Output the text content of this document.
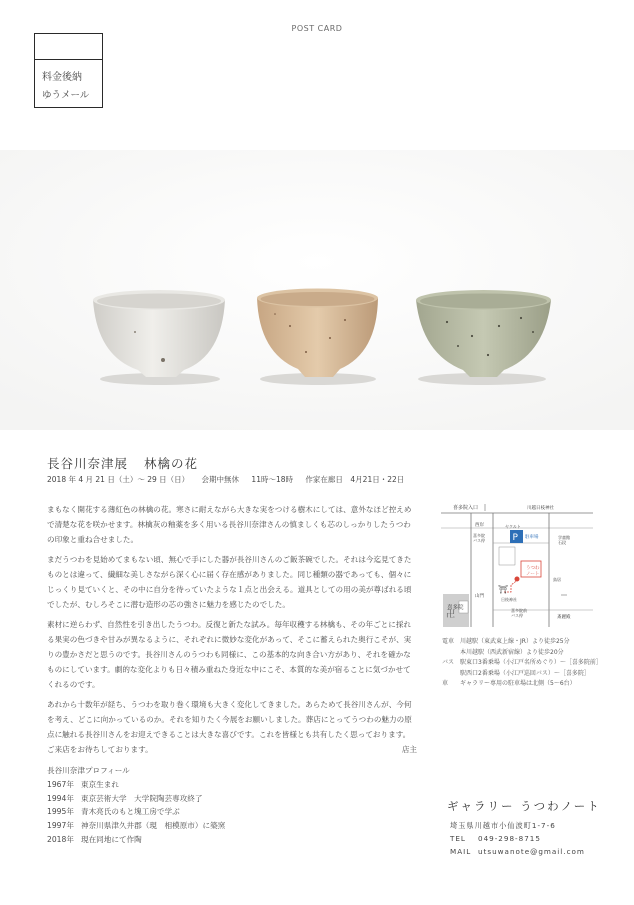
POST CARD
料金後納
ゆうメール
長谷川奈津展 林檎の花
2018 年 4 月 21 日（土）〜 29 日（日） 会期中無休 11時〜18時 作家在廊日　4月21日・22日

まもなく開花する薄紅色の林檎の花。寒さに耐えながら大きな実をつける樹木にしては、意外なほど控えめで清楚な花を咲かせます。林檎灰の釉薬を多く用いる長谷川奈津さんの慎ましくも芯のしっかりしたうつわの印象と重ね合せました。

まだうつわを見始めてまもない頃、無心で手にした器が長谷川さんのご飯茶碗でした。それは今迄見てきたものとは違って、繊細な美しさながら深く心に届く存在感がありました。同じ種類の器であっても、個々にじっくり見ていくと、その中に自分を待っていたような１点と出会える。道具としての用の美が尊ばれる頃でしたが、むしろそこに潜む造形の芯の強さに魅力を感じたのでした。

素材に逆らわず、自然性を引き出したうつわ。反復と新たな試み。毎年収穫する林檎も、その年ごとに採れる果実の色づきや甘みが異なるように、それぞれに微妙な変化があって、そこに蓄えられた奥行こそが、実りの豊かさだと思うのです。長谷川さんのうつわも同様に、この基本的な向き合い方があり、それを確かなものにしています。劇的な変化よりも日々積み重ねた身近な中にこそ、本質的な美が宿ることに気づかせてくれるのです。

あれから十数年が経ち、うつわを取り巻く環境も大きく変化してきました。あらためて長谷川さんが、今何を考え、どこに向かっているのか。それを知りたく今展をお願いしました。葬店にとってうつわの魅力の原点に触れる長谷川さんをお迎えできることは大きな喜びです。これを皆様とも共有したく思っております。ご来店をお待ちしております。	店主
長谷川奈津プロフィール
1967年 東京生まれ
1994年 東京芸術大学　大学院陶芸専攻終了
1995年 青木亮氏のもと塊工房で学ぶ
1997年 神奈川県津久井郡（現　相模原市）に築窯
2018年 現在同地にて作陶
P
⛩
卍
喜多院入口	川越日枝神社
西岸	ヤクルト
駐車場	学童館石段
喜多院バス停
うつわノート
鳥居
山門
日枝神社
喜多院	喜多院前バス停	斎麗殿
電車 川越駅（東武東上線・JR）より徒歩25分
本川越駅（西武新宿線）より徒歩20分
バス 駅東口3番乗場（小江戸名所めぐり）〜［喜多院前］
駅西口2番乗場（小江戸巡回バス）〜［喜多院］
車 ギャラリー専用の駐車場は北側（5〜6台）
ギャラリー うつわノート
埼玉県川越市小仙波町1-7-6
TEL 049-298-8715
MAIL utsuwanote@gmail.com
